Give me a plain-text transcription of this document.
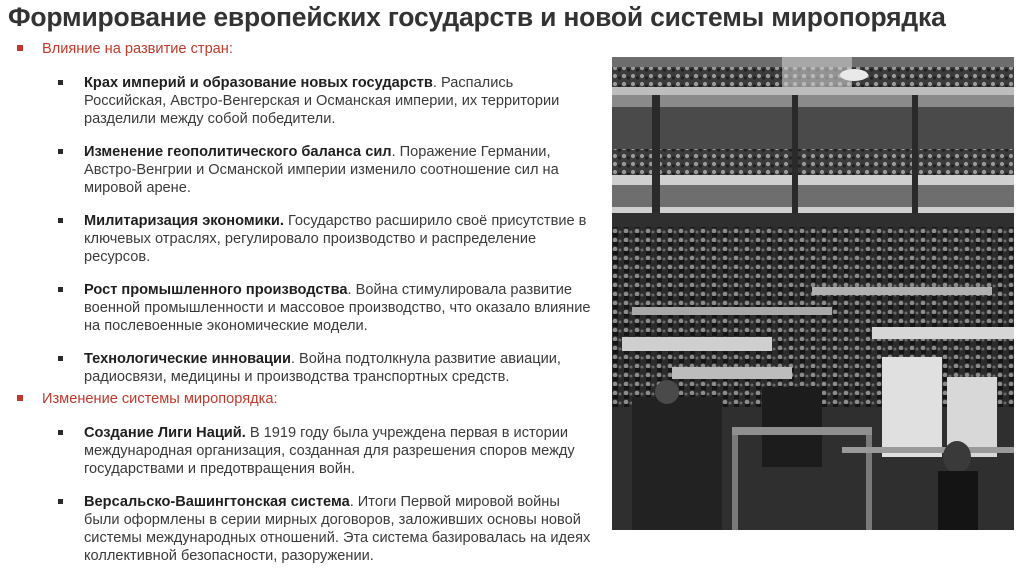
Формирование европейских государств и новой системы миропорядка
Влияние на развитие стран:
Крах империй и образование новых государств. Распались Российская, Австро-Венгерская и Османская империи, их территории разделили между собой победители.
Изменение геополитического баланса сил. Поражение Германии, Австро-Венгрии и Османской империи изменило соотношение сил на мировой арене.
Милитаризация экономики. Государство расширило своё присутствие в ключевых отраслях, регулировало производство и распределение ресурсов.
Рост промышленного производства. Война стимулировала развитие военной промышленности и массовое производство, что оказало влияние на послевоенные экономические модели.
Технологические инновации. Война подтолкнула развитие авиации, радиосвязи, медицины и производства транспортных средств.
Изменение системы миропорядка:
Создание Лиги Наций. В 1919 году была учреждена первая в истории международная организация, созданная для разрешения споров между государствами и предотвращения войн.
Версальско-Вашингтонская система. Итоги Первой мировой войны были оформлены в серии мирных договоров, заложивших основы новой системы международных отношений. Эта система базировалась на идеях коллективной безопасности, разоружении.
